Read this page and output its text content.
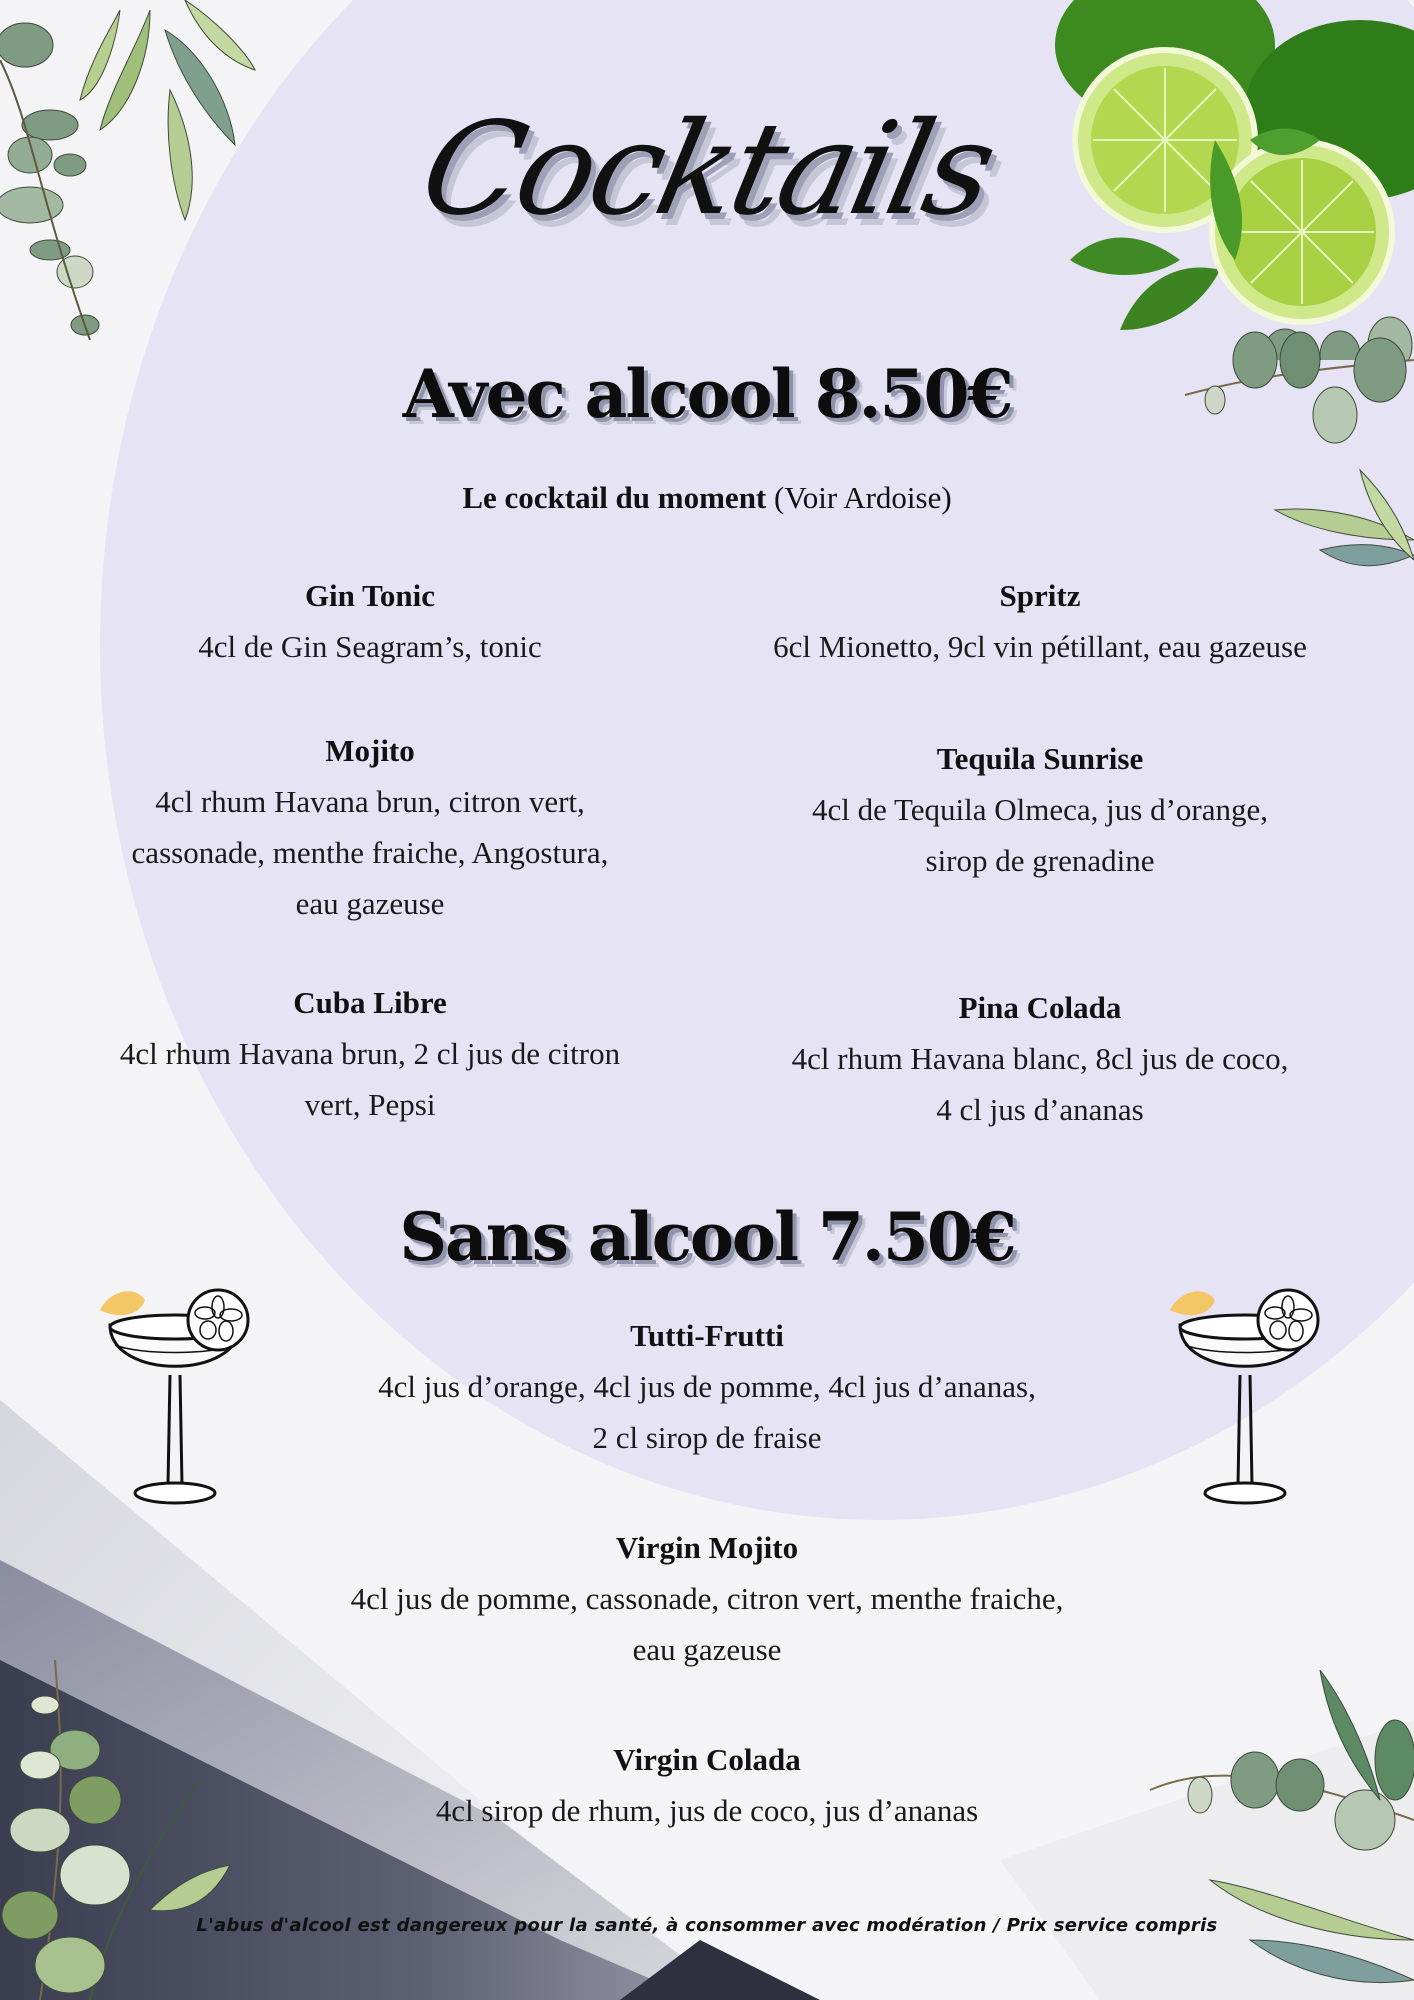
Cocktails
Avec alcool 8.50€
Le cocktail du moment (Voir Ardoise)
Gin Tonic
4cl de Gin Seagram’s, tonic
Mojito
4cl rhum Havana brun, citron vert,
cassonade, menthe fraiche, Angostura,
eau gazeuse
Cuba Libre
4cl rhum Havana brun, 2 cl jus de citron
vert, Pepsi
Spritz
6cl Mionetto, 9cl vin pétillant, eau gazeuse
Tequila Sunrise
4cl de Tequila Olmeca, jus d’orange,
sirop de grenadine
Pina Colada
4cl rhum Havana blanc, 8cl jus de coco,
4 cl jus d’ananas
Sans alcool 7.50€
Tutti-Frutti
4cl jus d’orange, 4cl jus de pomme, 4cl jus d’ananas,
2 cl sirop de fraise
Virgin Mojito
4cl jus de pomme, cassonade, citron vert, menthe fraiche,
eau gazeuse
Virgin Colada
4cl sirop de rhum, jus de coco, jus d’ananas
L'abus d'alcool est dangereux pour la santé, à consommer avec modération / Prix service compris
